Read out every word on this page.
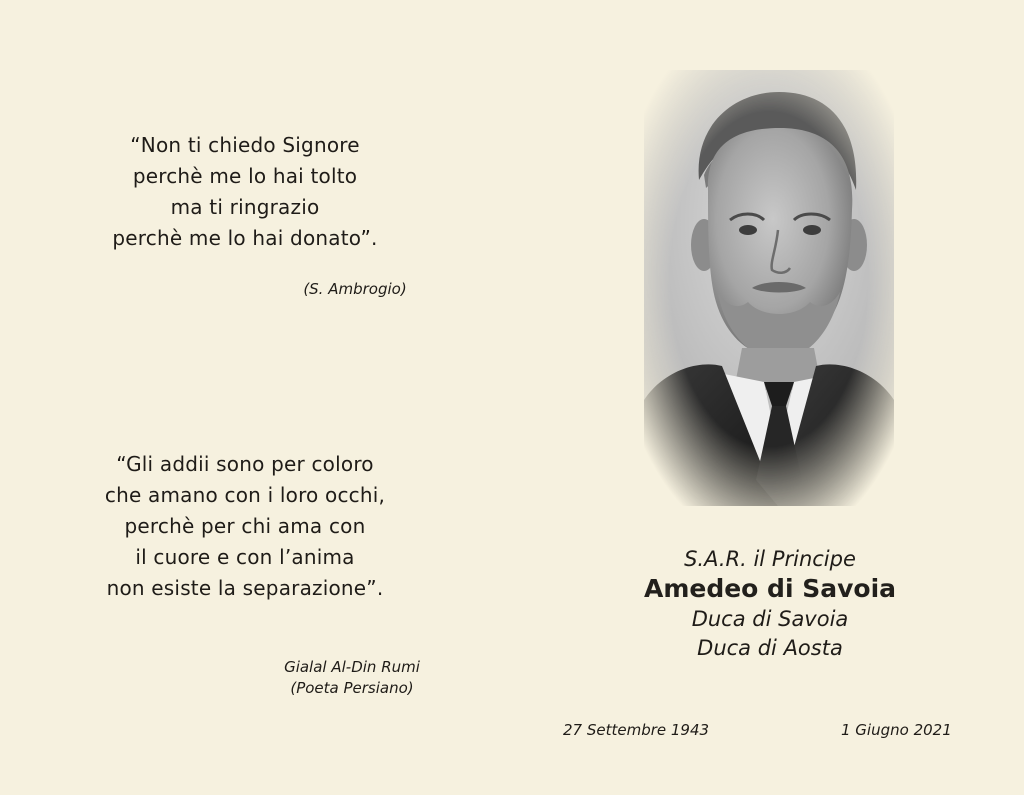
“Non ti chiedo Signore
perchè me lo hai tolto
ma ti ringrazio
perchè me lo hai donato”.
(S. Ambrogio)
“Gli addii sono per coloro
che amano con i loro occhi,
perchè per chi ama con
il cuore e con l’anima
non esiste la separazione”.
Gialal Al-Din Rumi
(Poeta Persiano)
S.A.R. il Principe
Amedeo di Savoia
Duca di Savoia
Duca di Aosta
27 Settembre 1943	1 Giugno 2021
